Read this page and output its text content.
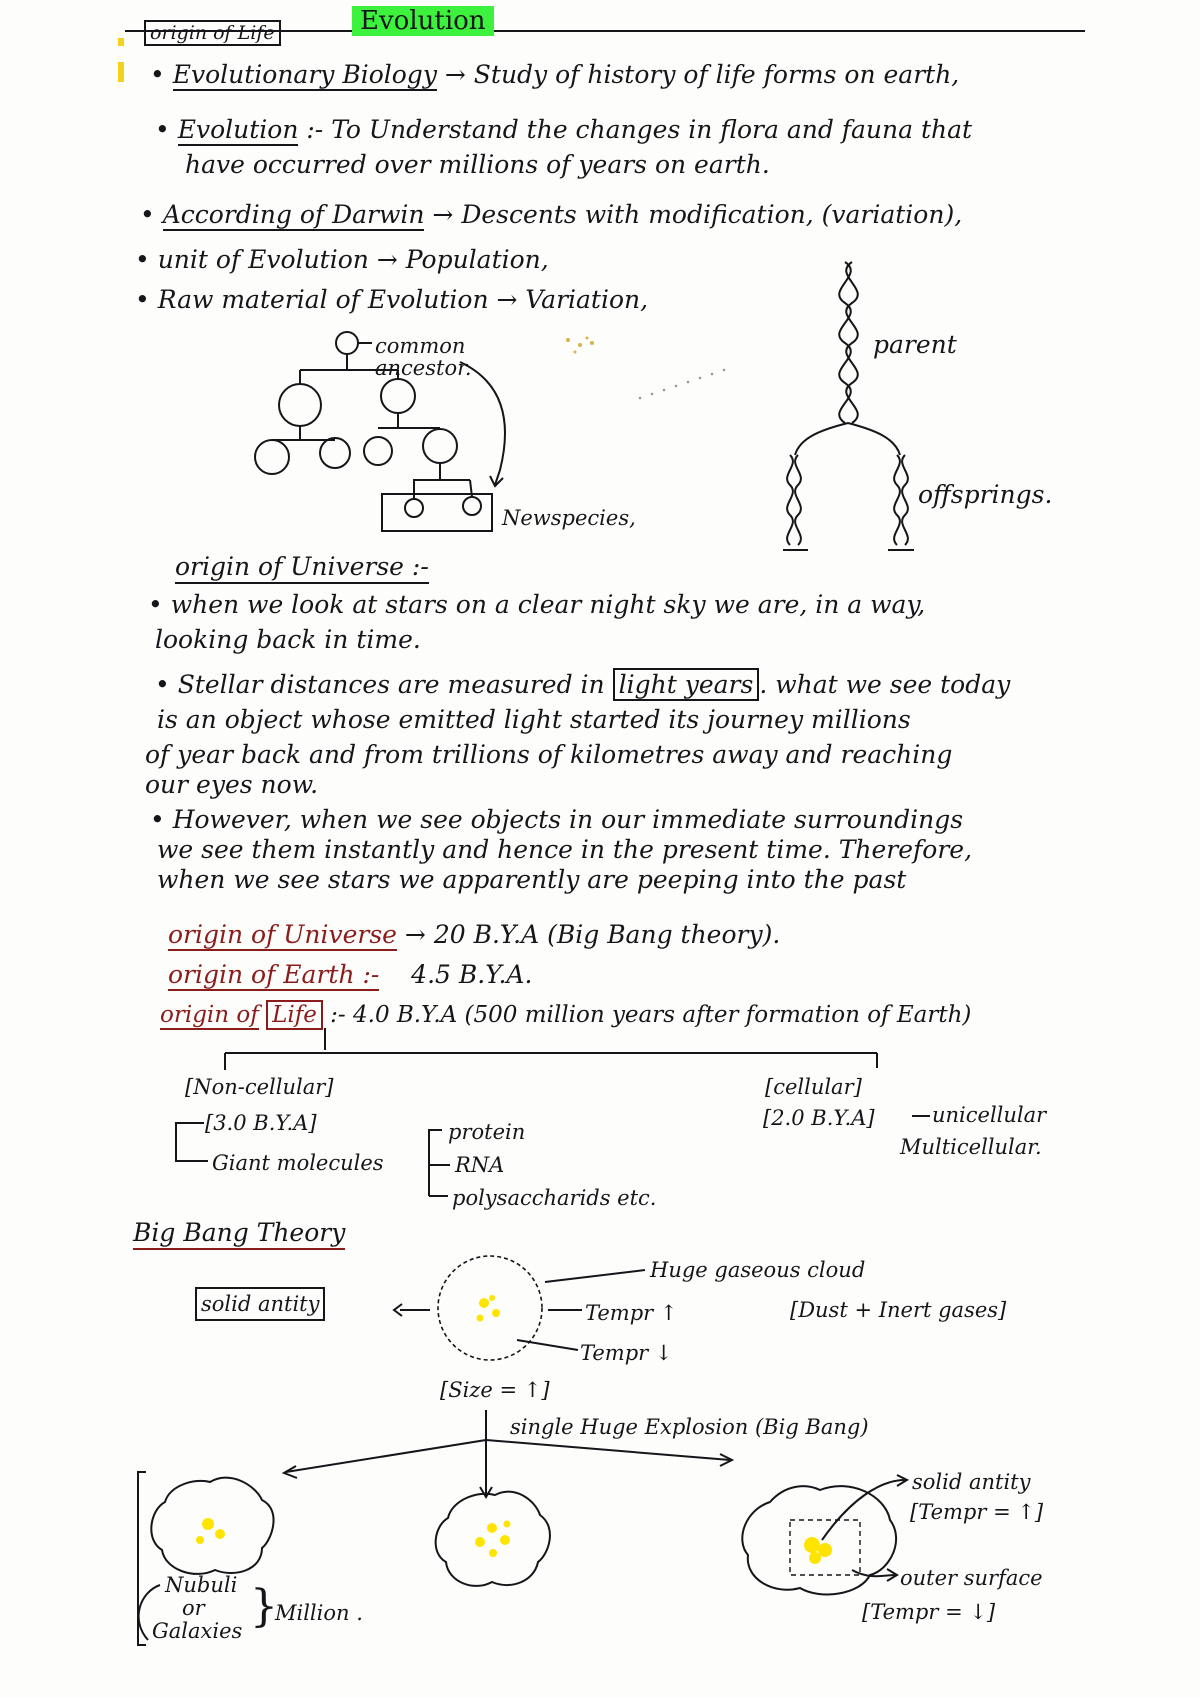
origin of Life	Evolution
• Evolutionary Biology → Study of history of life forms on earth,
• Evolution :- To Understand the changes in flora and fauna that
have occurred over millions of years on earth.
• According of Darwin → Descents with modification, (variation),
• unit of Evolution → Population,
• Raw material of Evolution → Variation,
common ancestor.
Newspecies,
parent
offsprings.
origin of Universe :-
• when we look at stars on a clear night sky we are, in a way,
looking back in time.
• Stellar distances are measured in light years . what we see today
is an object whose emitted light started its journey millions
of year back and from trillions of kilometres away and reaching
our eyes now.
• However, when we see objects in our immediate surroundings
we see them instantly and hence in the present time. Therefore,
when we see stars we apparently are peeping into the past
origin of Universe → 20 B.Y.A (Big Bang theory).
origin of Earth :- 4.5 B.Y.A.
origin of Life :- 4.0 B.Y.A (500 million years after formation of Earth)
[Non-cellular]
[3.0 B.Y.A]
Giant molecules
protein
RNA
polysaccharids etc.
[cellular]
[2.0 B.Y.A]	unicellular
Multicellular.
Big Bang Theory
solid antity
Huge gaseous cloud
[Dust + Inert gases]
Tempr ↑
Tempr ↓
[Size = ↑]
single Huge Explosion (Big Bang)
Nubuli
or
Galaxies }
Million .
solid antity
[Tempr = ↑]
outer surface
[Tempr = ↓]
